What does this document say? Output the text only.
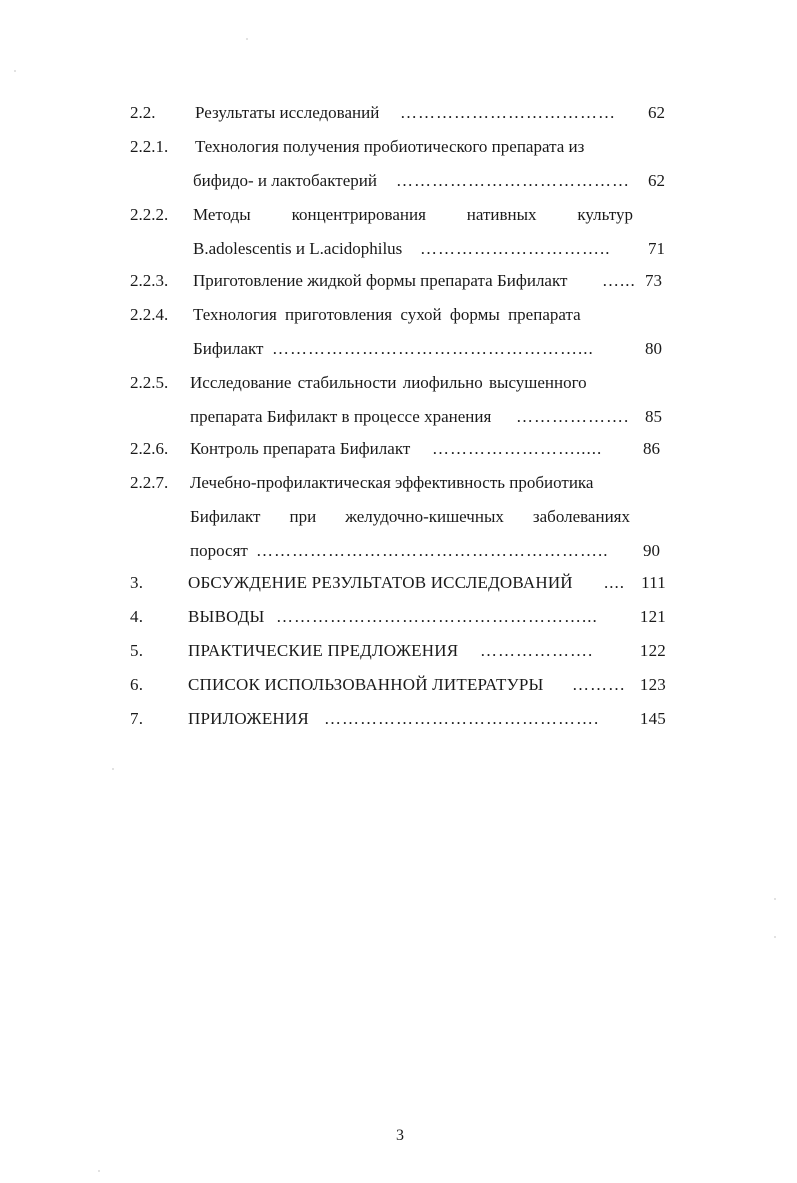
2.2. Результаты исследований ………………………………	62
2.2.1. Технология получения пробиотического препарата из
бифидо- и лактобактерий …………………………………	62
2.2.2. Методы концентрирования нативных культур
B.adolescentis и L.acidophilus …………………………..	71
2.2.3. Приготовление жидкой формы препарата Бифилакт …... 73
2.2.4. Технология приготовления сухой формы препарата
Бифилакт ……………………………………………...	80
2.2.5. Исследование стабильности лиофильно высушенного
препарата Бифилакт в процессе хранения ………………. 85
2.2.6. Контроль препарата Бифилакт …………………….....	86
2.2.7. Лечебно-профилактическая эффективность пробиотика
Бифилакт при желудочно-кишечных заболеваниях
поросят …………………………………………………..	90
3.	ОБСУЖДЕНИЕ РЕЗУЛЬТАТОВ ИССЛЕДОВАНИЙ .... 111
4.	ВЫВОДЫ ……………………………………………...	121
5.	ПРАКТИЧЕСКИЕ ПРЕДЛОЖЕНИЯ ……………….	122
6.	СПИСОК ИСПОЛЬЗОВАННОЙ ЛИТЕРАТУРЫ ……… 123
7.	ПРИЛОЖЕНИЯ ……………………………………….	145
3
